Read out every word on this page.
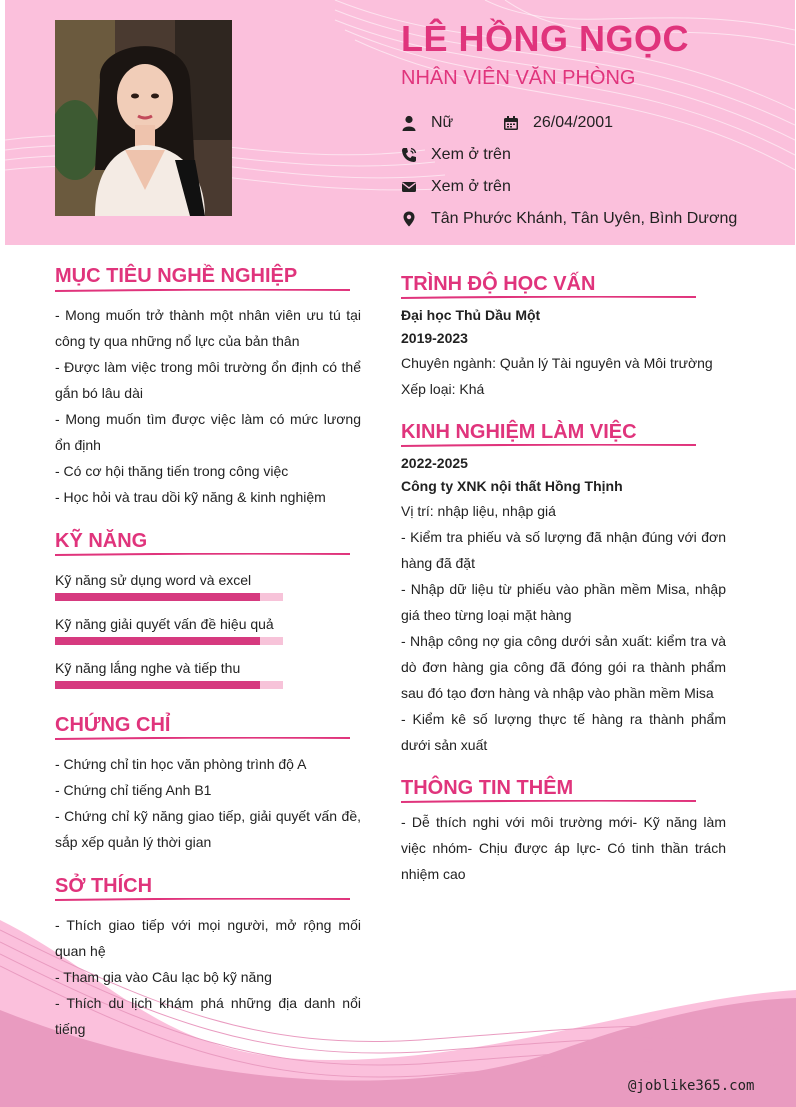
LÊ HỒNG NGỌC
NHÂN VIÊN VĂN PHÒNG
Nữ	26/04/2001
Xem ở trên
Xem ở trên
Tân Phước Khánh, Tân Uyên, Bình Dương
@joblike365.com
MỤC TIÊU NGHỀ NGHIỆP

- Mong muốn trở thành một nhân viên ưu tú tại công ty qua những nổ lực của bản thân

- Được làm việc trong môi trường ổn định có thể gắn bó lâu dài

- Mong muốn tìm được việc làm có mức lương ổn định

- Có cơ hội thăng tiến trong công việc

- Học hỏi và trau dồi kỹ năng & kinh nghiệm

KỸ NĂNG
Kỹ năng sử dụng word và excel
Kỹ năng giải quyết vấn đề hiệu quả
Kỹ năng lắng nghe và tiếp thu
CHỨNG CHỈ

- Chứng chỉ tin học văn phòng trình độ A

- Chứng chỉ tiếng Anh B1

- Chứng chỉ kỹ năng giao tiếp, giải quyết vấn đề, sắp xếp quản lý thời gian

SỞ THÍCH

- Thích giao tiếp với mọi người, mở rộng mối quan hệ

- Tham gia vào Câu lạc bộ kỹ năng

- Thích du lịch khám phá những địa danh nổi tiếng

TRÌNH ĐỘ HỌC VẤN

Đại học Thủ Dầu Một

2019-2023

Chuyên ngành: Quản lý Tài nguyên và Môi trường

Xếp loại: Khá

KINH NGHIỆM LÀM VIỆC

2022-2025

Công ty XNK nội thất Hồng Thịnh

Vị trí: nhập liệu, nhập giá

- Kiểm tra phiếu và số lượng đã nhận đúng với đơn hàng đã đặt

- Nhập dữ liệu từ phiếu vào phần mềm Misa, nhập giá theo từng loại mặt hàng

- Nhập công nợ gia công dưới sản xuất: kiểm tra và dò đơn hàng gia công đã đóng gói ra thành phẩm sau đó tạo đơn hàng và nhập vào phần mềm Misa

- Kiểm kê số lượng thực tế hàng ra thành phẩm dưới sản xuất

THÔNG TIN THÊM
- Dễ thích nghi với môi trường mới- Kỹ năng làm việc nhóm- Chịu được áp lực- Có tinh thần trách nhiệm cao
